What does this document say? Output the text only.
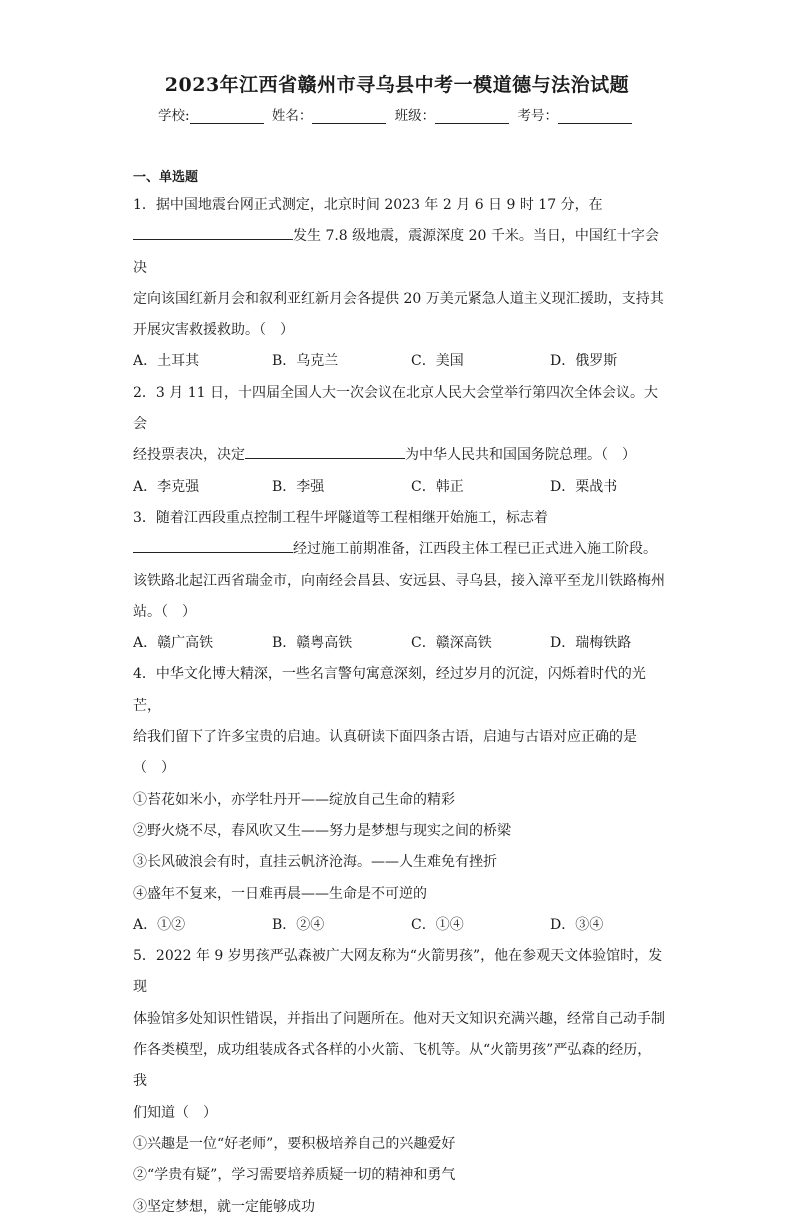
2023年江西省赣州市寻乌县中考一模道德与法治试题
学校:	姓名：	班级：	考号：
一、单选题

1．据中国地震台网正式测定，北京时间 2023 年 2 月 6 日 9 时 17 分，在

发生 7.8 级地震，震源深度 20 千米。当日，中国红十字会决

定向该国红新月会和叙利亚红新月会各提供 20 万美元紧急人道主义现汇援助，支持其

开展灾害救援救助。（　）

A．土耳其	B．乌克兰	C．美国	D．俄罗斯

2．3 月 11 日，十四届全国人大一次会议在北京人民大会堂举行第四次全体会议。大会

经投票表决，决定	为中华人民共和国国务院总理。（　）

A．李克强	B．李强	C．韩正	D．栗战书

3．随着江西段重点控制工程牛坪隧道等工程相继开始施工，标志着

经过施工前期准备，江西段主体工程已正式进入施工阶段。

该铁路北起江西省瑞金市，向南经会昌县、安远县、寻乌县，接入漳平至龙川铁路梅州

站。（　）

A．赣广高铁	B．赣粤高铁	C．赣深高铁	D．瑞梅铁路

4．中华文化博大精深，一些名言警句寓意深刻，经过岁月的沉淀，闪烁着时代的光芒，

给我们留下了许多宝贵的启迪。认真研读下面四条古语，启迪与古语对应正确的是

（　）

①苔花如米小，亦学牡丹开——绽放自己生命的精彩

②野火烧不尽，春风吹又生——努力是梦想与现实之间的桥梁

③长风破浪会有时，直挂云帆济沧海。——人生难免有挫折

④盛年不复来，一日难再晨——生命是不可逆的

A．①②	B．②④	C．①④	D．③④

5．2022 年 9 岁男孩严弘森被广大网友称为“火箭男孩”，他在参观天文体验馆时，发现

体验馆多处知识性错误，并指出了问题所在。他对天文知识充满兴趣，经常自己动手制

作各类模型，成功组装成各式各样的小火箭、飞机等。从“火箭男孩”严弘森的经历，我

们知道（　）

①兴趣是一位“好老师”，要积极培养自己的兴趣爱好

②“学贵有疑”，学习需要培养质疑一切的精神和勇气

③坚定梦想，就一定能够成功
